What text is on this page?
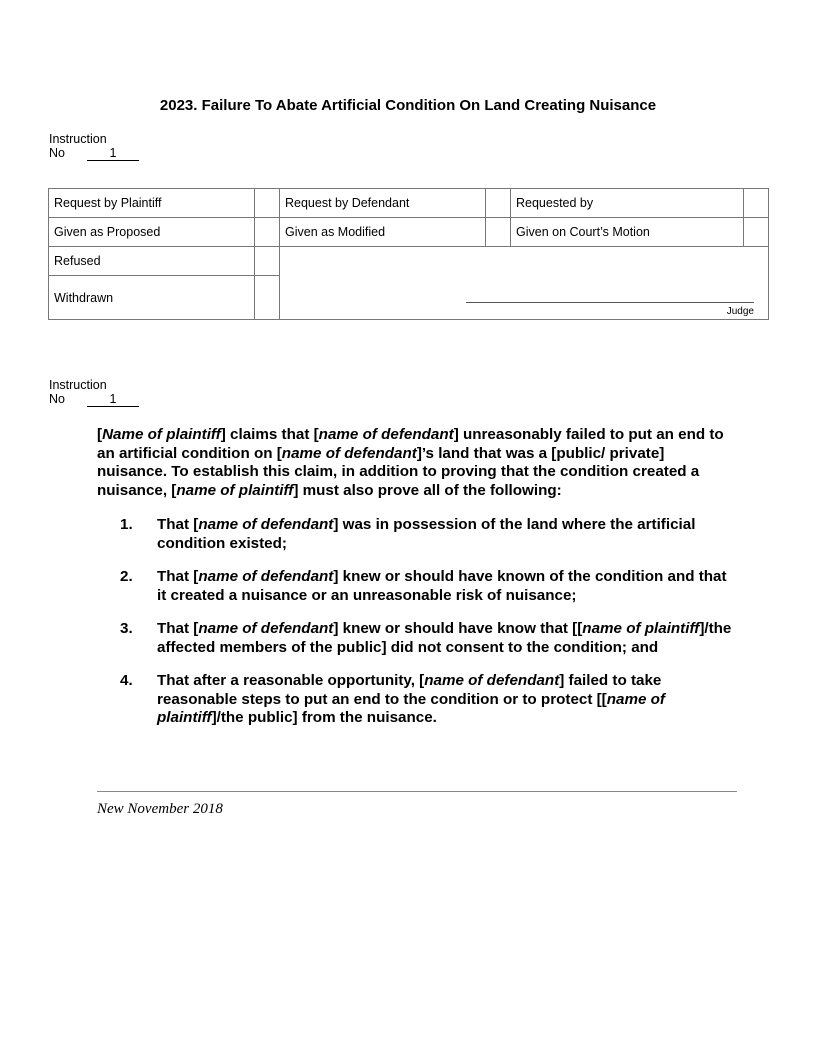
2023. Failure To Abate Artificial Condition On Land Creating Nuisance
Instruction
No	1
Request by Plaintiff		Request by Defendant		Requested by	
Given as Proposed		Given as Modified		Given on Court’s Motion	
Refused		Judge			

Withdrawn					
Instruction
No	1

[Name of plaintiff] claims that [name of defendant] unreasonably failed to put an end to an artificial condition on [name of defendant]’s land that was a [public/ private] nuisance. To establish this claim, in addition to proving that the condition created a nuisance, [name of plaintiff] must also prove all of the following:

1.	That [name of defendant] was in possession of the land where the artificial condition existed;
2.	That [name of defendant] knew or should have known of the condition and that it created a nuisance or an unreasonable risk of nuisance;
3.	That [name of defendant] knew or should have know that [[name of plaintiff]/the affected members of the public] did not consent to the condition; and
4.	That after a reasonable opportunity, [name of defendant] failed to take reasonable steps to put an end to the condition or to protect [[name of plaintiff]/the public] from the nuisance.
New November 2018
